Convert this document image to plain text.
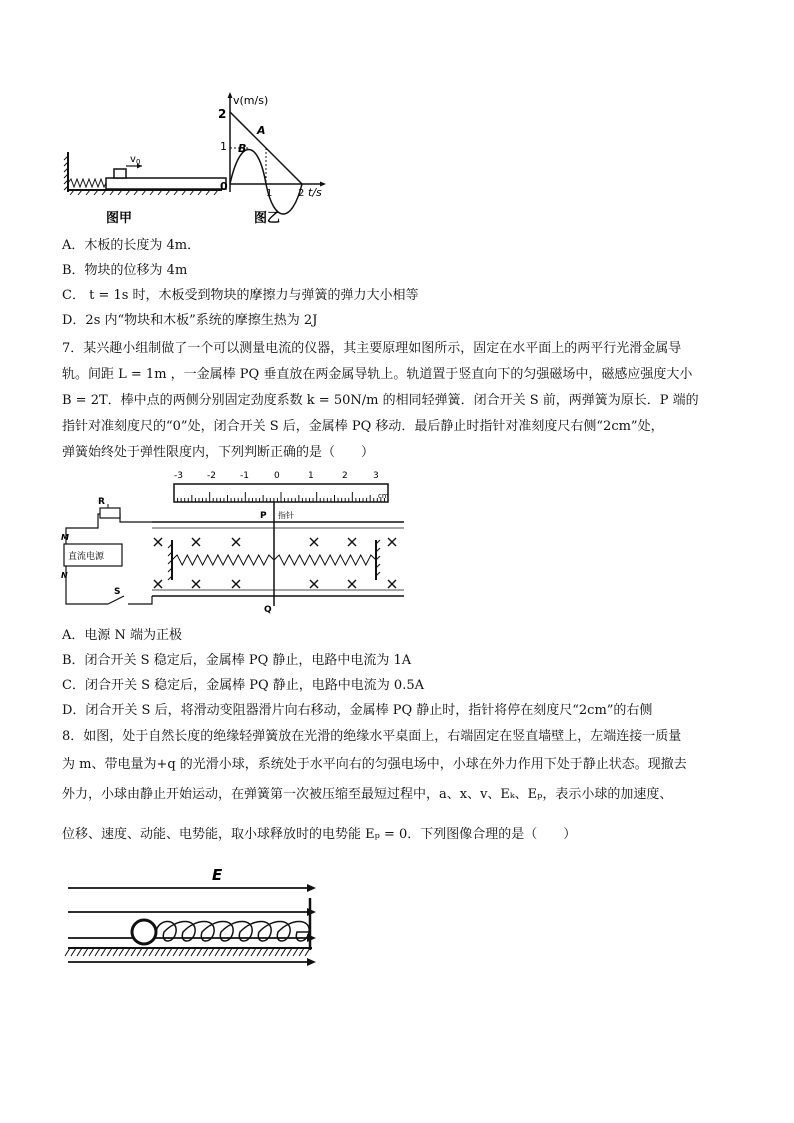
v 0
图甲
v(m/s)
t/s
2
1
0
1	2
A
B
图乙
A．木板的长度为 4m．
B．物块的位移为 4m
C． t = 1s 时，木板受到物块的摩擦力与弹簧的弹力大小相等
D．2s 内“物块和木板”系统的摩擦生热为 2J
7．某兴趣小组制做了一个可以测量电流的仪器，其主要原理如图所示，固定在水平面上的两平行光滑金属导
轨。间距 L = 1m ，一金属棒 PQ 垂直放在两金属导轨上。轨道置于竖直向下的匀强磁场中，磁感应强度大小
B = 2T．棒中点的两侧分别固定劲度系数 k = 50N/m 的相同轻弹簧．闭合开关 S 前，两弹簧为原长．P 端的
指针对准刻度尺的“0”处，闭合开关 S 后，金属棒 PQ 移动．最后静止时指针对准刻度尺右侧“2cm”处，
弹簧始终处于弹性限度内，下列判断正确的是（　　）
-3	-2	-1	0	1	2	3
cm
P 指针
Q
R
直流电源
M
N
S
A．电源 N 端为正极
B．闭合开关 S 稳定后，金属棒 PQ 静止，电路中电流为 1A
C．闭合开关 S 稳定后，金属棒 PQ 静止，电路中电流为 0.5A
D．闭合开关 S 后，将滑动变阻器滑片向右移动，金属棒 PQ 静止时，指针将停在刻度尺“2cm”的右侧
8．如图，处于自然长度的绝缘轻弹簧放在光滑的绝缘水平桌面上，右端固定在竖直墙壁上，左端连接一质量
为 m、带电量为+q 的光滑小球，系统处于水平向右的匀强电场中，小球在外力作用下处于静止状态。现撤去
外力，小球由静止开始运动，在弹簧第一次被压缩至最短过程中，a、x、v、Eₖ、Eₚ，表示小球的加速度、
位移、速度、动能、电势能，取小球释放时的电势能 Eₚ = 0．下列图像合理的是（　　）
E
